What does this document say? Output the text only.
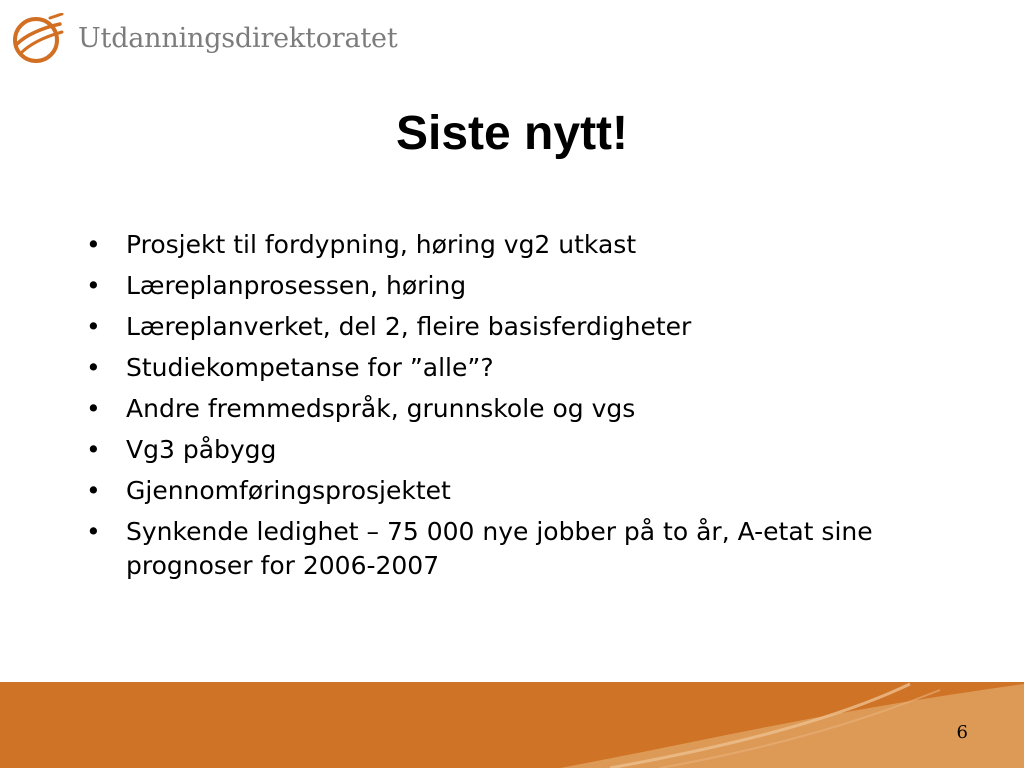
Utdanningsdirektoratet
Siste nytt!
• Prosjekt til fordypning, høring vg2 utkast
• Læreplanprosessen, høring
• Læreplanverket, del 2, fleire basisferdigheter
• Studiekompetanse for ”alle”?
• Andre fremmedspråk, grunnskole og vgs
• Vg3 påbygg
• Gjennomføringsprosjektet
• Synkende ledighet – 75 000 nye jobber på to år, A-etat sine prognoser for 2006-2007
6
